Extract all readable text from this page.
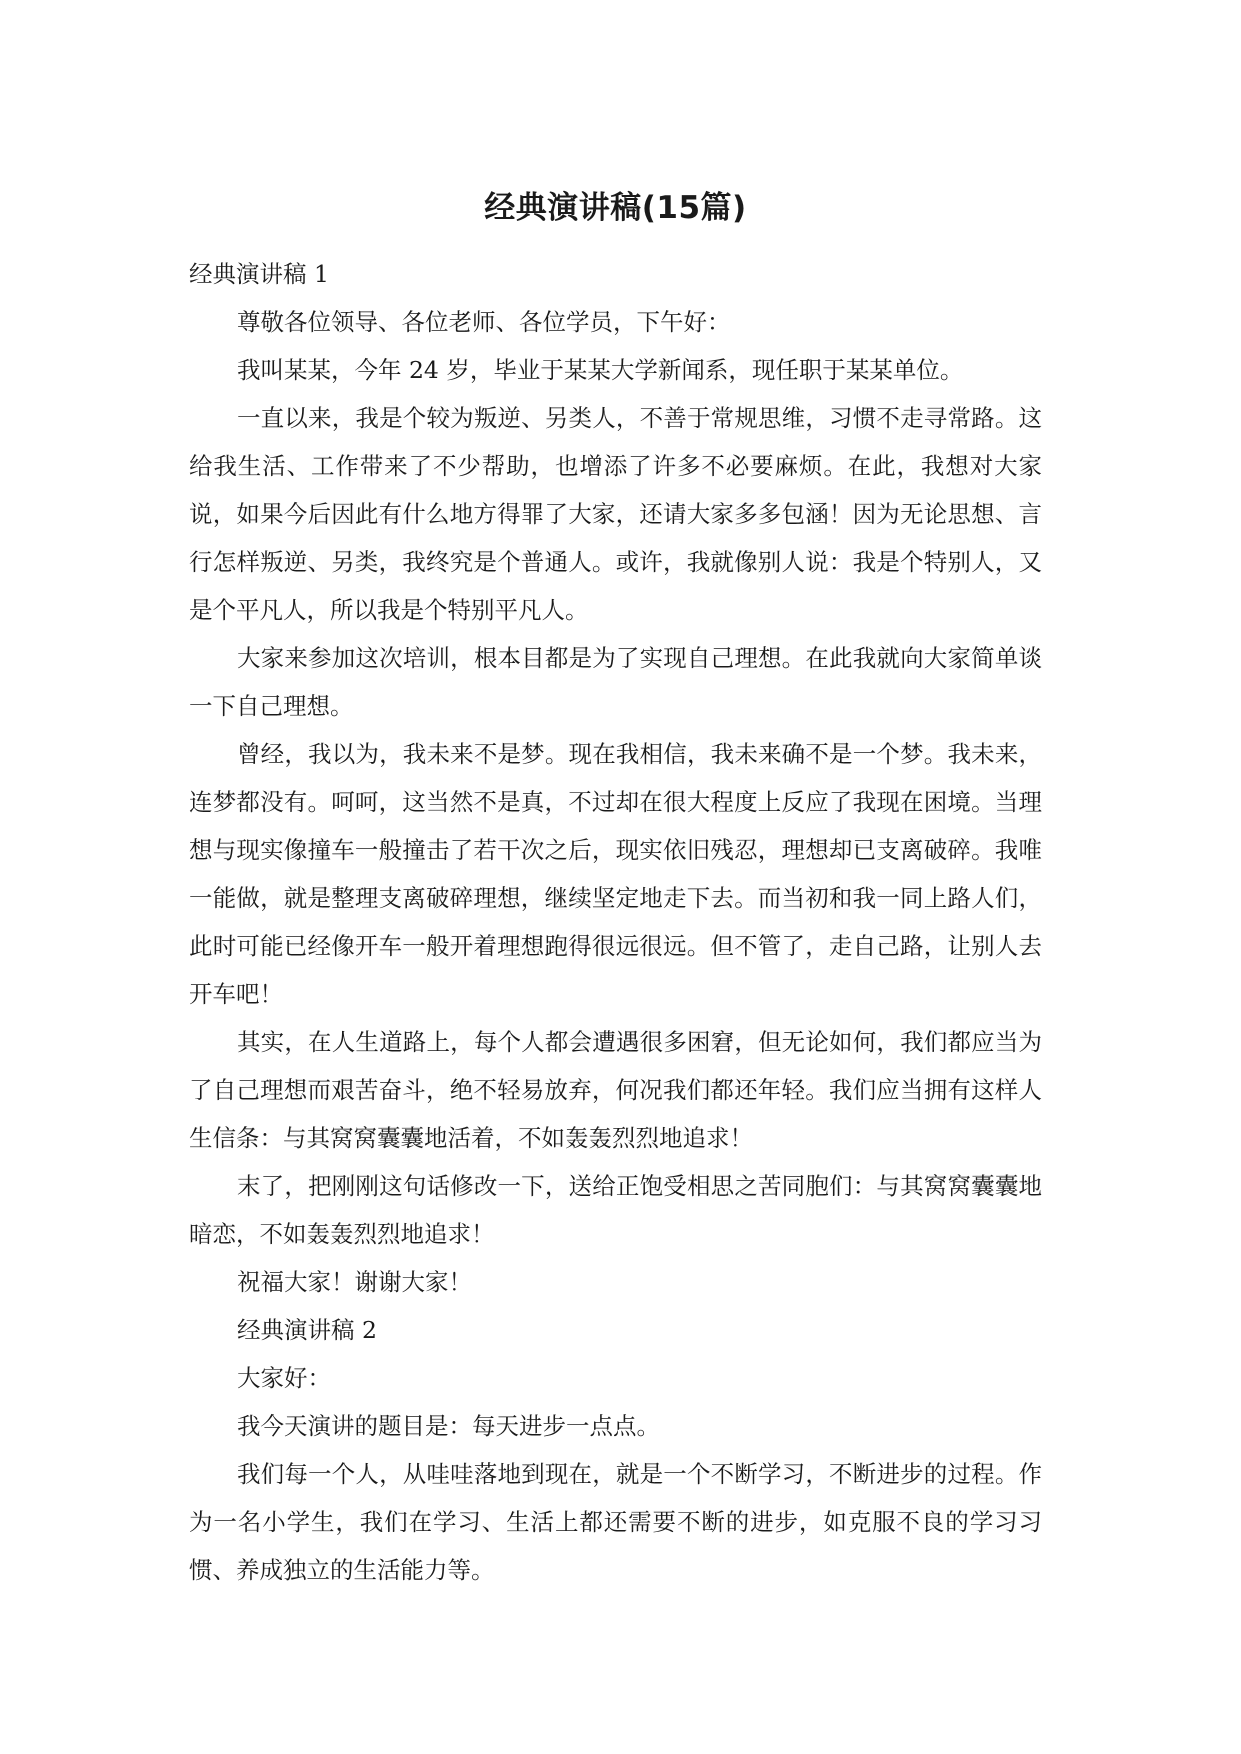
经典演讲稿(15篇)

经典演讲稿 1

尊敬各位领导、各位老师、各位学员，下午好：

我叫某某，今年 24 岁，毕业于某某大学新闻系，现任职于某某单位。

一直以来，我是个较为叛逆、另类人，不善于常规思维，习惯不走寻常路。这给我生活、工作带来了不少帮助，也增添了许多不必要麻烦。在此，我想对大家说，如果今后因此有什么地方得罪了大家，还请大家多多包涵！因为无论思想、言行怎样叛逆、另类，我终究是个普通人。或许，我就像别人说：我是个特别人，又是个平凡人，所以我是个特别平凡人。

大家来参加这次培训，根本目都是为了实现自己理想。在此我就向大家简单谈一下自己理想。

曾经，我以为，我未来不是梦。现在我相信，我未来确不是一个梦。我未来，连梦都没有。呵呵，这当然不是真，不过却在很大程度上反应了我现在困境。当理想与现实像撞车一般撞击了若干次之后，现实依旧残忍，理想却已支离破碎。我唯一能做，就是整理支离破碎理想，继续坚定地走下去。而当初和我一同上路人们，此时可能已经像开车一般开着理想跑得很远很远。但不管了，走自己路，让别人去开车吧！

其实，在人生道路上，每个人都会遭遇很多困窘，但无论如何，我们都应当为了自己理想而艰苦奋斗，绝不轻易放弃，何况我们都还年轻。我们应当拥有这样人生信条：与其窝窝囊囊地活着，不如轰轰烈烈地追求！

末了，把刚刚这句话修改一下，送给正饱受相思之苦同胞们：与其窝窝囊囊地暗恋，不如轰轰烈烈地追求！

祝福大家！谢谢大家！

经典演讲稿 2

大家好：

我今天演讲的题目是：每天进步一点点。

我们每一个人，从哇哇落地到现在，就是一个不断学习，不断进步的过程。作为一名小学生，我们在学习、生活上都还需要不断的进步，如克服不良的学习习惯、养成独立的生活能力等。
